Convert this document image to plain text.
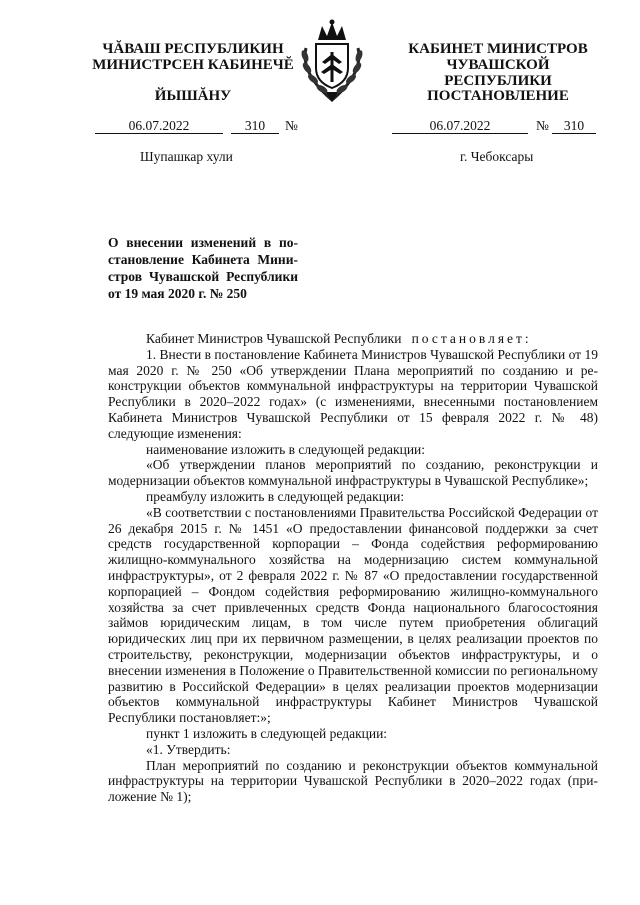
ЧĂВАШ РЕСПУБЛИКИН
МИНИСТРСЕН КАБИНЕЧĔ
ЙЫШĂНУ
КАБИНЕТ МИНИСТРОВ
ЧУВАШСКОЙ РЕСПУБЛИКИ
ПОСТАНОВЛЕНИЕ
06.07.2022	310	№	06.07.2022	№	310
Шупашкар хули	г. Чебоксары
О внесении изменений в по-
становление Кабинета Мини-
стров Чувашской Республики
от 19 мая 2020 г. № 250

Кабинет Министров Чувашской Республики постановляет:

1. Внести в постановление Кабинета Министров Чувашской Республики от 19 мая 2020 г. № 250 «Об утверждении Плана мероприятий по созданию и реконструкции объектов коммунальной инфраструктуры на территории Чувашской Республики в 2020–2022 годах» (с изменениями, внесенными постановлением Кабинета Министров Чувашской Республики от 15 февраля 2022 г. № 48) следующие изменения:

наименование изложить в следующей редакции:

«Об утверждении планов мероприятий по созданию, реконструкции и модернизации объектов коммунальной инфраструктуры в Чувашской Республике»;

преамбулу изложить в следующей редакции:

«В соответствии с постановлениями Правительства Российской Федерации от 26 декабря 2015 г. № 1451 «О предоставлении финансовой поддержки за счет средств государственной корпорации – Фонда содействия реформированию жилищно-коммунального хозяйства на модернизацию систем коммунальной инфраструктуры», от 2 февраля 2022 г. № 87 «О предоставлении государственной корпорацией – Фондом содействия реформированию жилищно-коммунального хозяйства за счет привлеченных средств Фонда национального благосостояния займов юридическим лицам, в том числе путем приобретения облигаций юридических лиц при их первичном размещении, в целях реализации проектов по строительству, реконструкции, модернизации объектов инфраструктуры, и о внесении изменения в Положение о Правительственной комиссии по региональному развитию в Российской Федерации» в целях реализации проектов модернизации объектов коммунальной инфраструктуры Кабинет Министров Чувашской Республики постановляет:»;

пункт 1 изложить в следующей редакции:

«1. Утвердить:

План мероприятий по созданию и реконструкции объектов коммунальной инфраструктуры на территории Чувашской Республики в 2020–2022 годах (приложение № 1);
